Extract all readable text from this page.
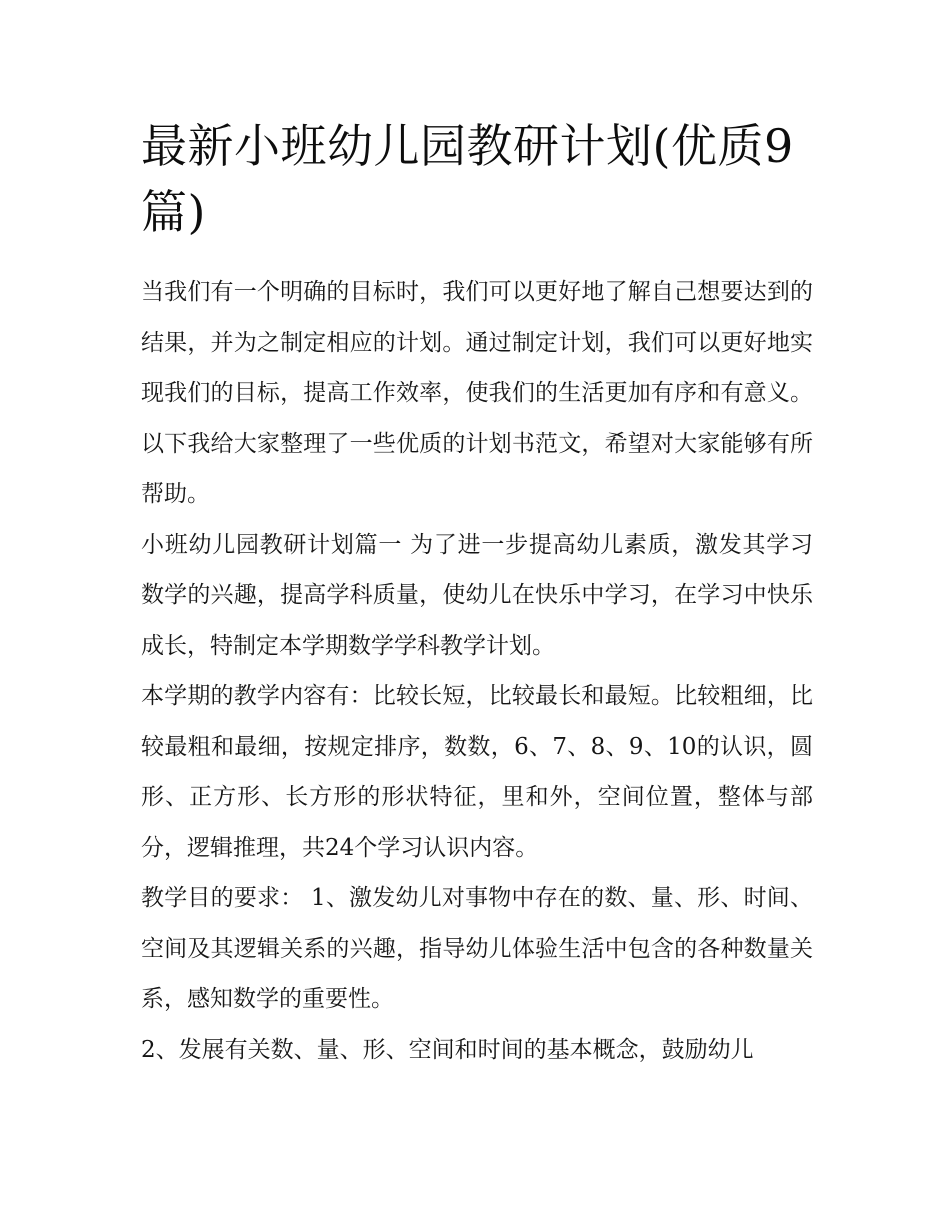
最新小班幼儿园教研计划(优质9篇)

当我们有一个明确的目标时，我们可以更好地了解自己想要达到的结果，并为之制定相应的计划。通过制定计划，我们可以更好地实现我们的目标，提高工作效率，使我们的生活更加有序和有意义。以下我给大家整理了一些优质的计划书范文，希望对大家能够有所帮助。

小班幼儿园教研计划篇一 为了进一步提高幼儿素质，激发其学习数学的兴趣，提高学科质量，使幼儿在快乐中学习，在学习中快乐成长，特制定本学期数学学科教学计划。

本学期的教学内容有：比较长短，比较最长和最短。比较粗细，比较最粗和最细，按规定排序，数数，6、7、8、9、10的认识，圆形、正方形、长方形的形状特征，里和外，空间位置，整体与部分，逻辑推理，共24个学习认识内容。

教学目的要求： 1、激发幼儿对事物中存在的数、量、形、时间、空间及其逻辑关系的兴趣，指导幼儿体验生活中包含的各种数量关系，感知数学的重要性。

2、发展有关数、量、形、空间和时间的基本概念，鼓励幼儿
